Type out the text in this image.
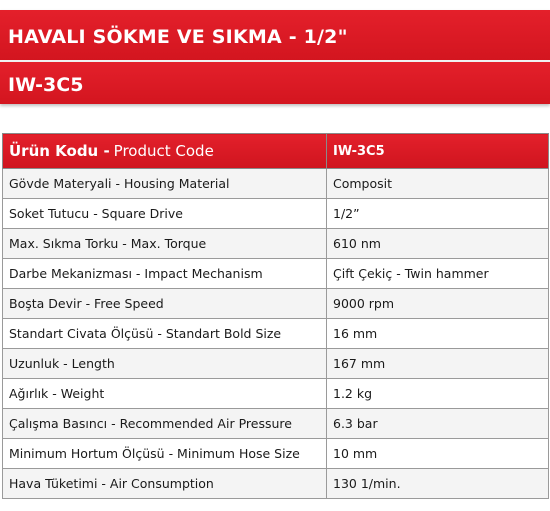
HAVALI SÖKME VE SIKMA - 1/2"
IW-3C5
Ürün Kodu - Product Code	IW-3C5
Gövde Materyali - Housing Material	Composit
Soket Tutucu - Square Drive	1/2”
Max. Sıkma Torku - Max. Torque	610 nm
Darbe Mekanizması - Impact Mechanism	Çift Çekiç - Twin hammer
Boşta Devir - Free Speed	9000 rpm
Standart Civata Ölçüsü - Standart Bold Size	16 mm
Uzunluk - Length	167 mm
Ağırlık - Weight	1.2 kg
Çalışma Basıncı - Recommended Air Pressure	6.3 bar
Minimum Hortum Ölçüsü - Minimum Hose Size	10 mm
Hava Tüketimi - Air Consumption	130 1/min.
